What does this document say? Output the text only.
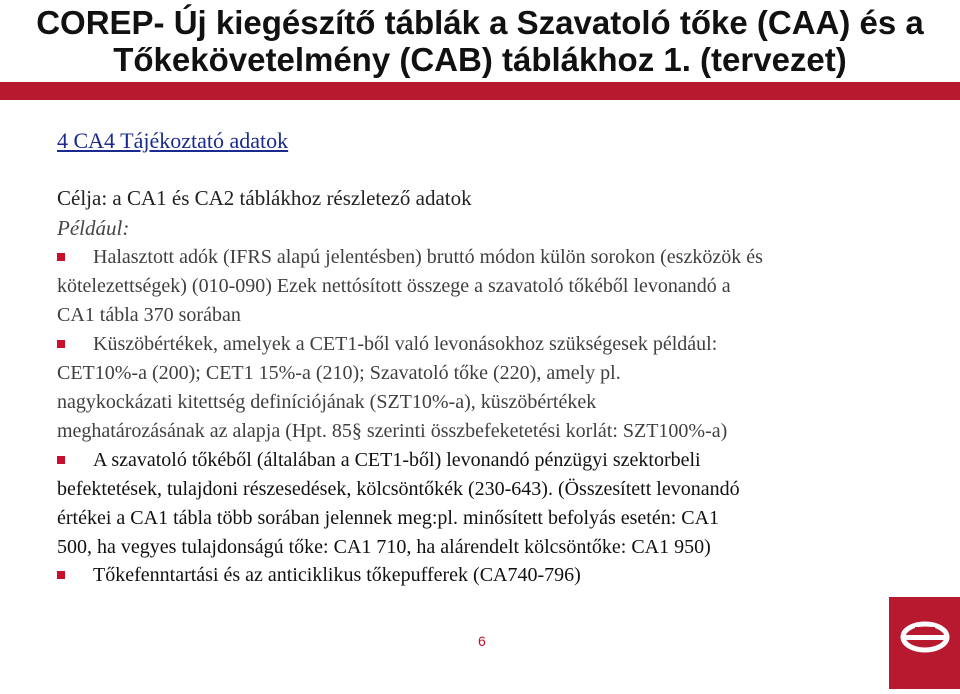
COREP- Új kiegészítő táblák a Szavatoló tőke (CAA) és a
Tőkekövetelmény (CAB) táblákhoz 1. (tervezet)
4 CA4 Tájékoztató adatok
Célja: a CA1 és CA2 táblákhoz részletező adatok
Például:
Halasztott adók (IFRS alapú jelentésben) bruttó módon külön sorokon (eszközök és
kötelezettségek) (010-090) Ezek nettósított összege a szavatoló tőkéből levonandó a
CA1 tábla 370 sorában
Küszöbértékek, amelyek a CET1-ből való levonásokhoz szükségesek például:
CET10%-a (200); CET1 15%-a (210); Szavatoló tőke (220), amely pl.
nagykockázati kitettség definíciójának (SZT10%-a), küszöbértékek
meghatározásának az alapja (Hpt. 85§ szerinti összbefeketetési korlát: SZT100%-a)
A szavatoló tőkéből (általában a CET1-ből) levonandó pénzügyi szektorbeli
befektetések, tulajdoni részesedések, kölcsöntőkék (230-643). (Összesített levonandó
értékei a CA1 tábla több sorában jelennek meg:pl. minősített befolyás esetén: CA1
500, ha vegyes tulajdonságú tőke: CA1 710, ha alárendelt kölcsöntőke: CA1 950)
Tőkefenntartási és az anticiklikus tőkepufferek (CA740-796)
6
